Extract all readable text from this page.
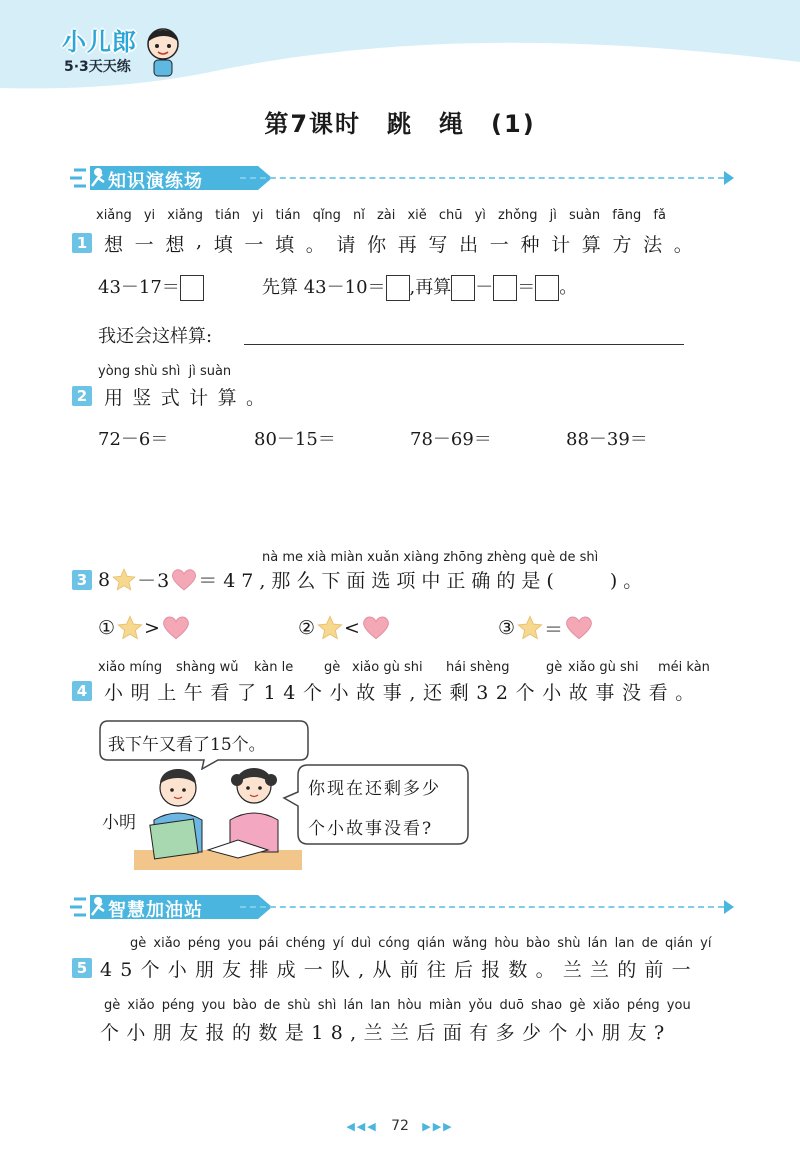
小儿郎
5·3天天练
第7课时　跳　绳　(1)
知识演练场
xiǎng yi xiǎng tián yi tián qǐng nǐ zài xiě chū yì zhǒng jì suàn fāng fǎ
1 想 一 想 , 填 一 填 。 请 你 再 写 出 一 种 计 算 方 法 。
43－17＝	先算 43－10＝ ,再算 － ＝ 。
我还会这样算:
yòng shù shì jì suàn
2 用 竖 式 计 算 。
72－6＝	80－15＝	78－69＝	88－39＝
nà me xià miàn xuǎn xiàng zhōng zhèng què de shì
3 8 －3 ＝47,那么下面选项中正确的是(　　)。
① >	② <	③ ＝
xiǎo míng shàng wǔ kàn le gè xiǎo gù shi hái shèng	gè xiǎo gù shi méi kàn
4 小明上午看了14个小故事,还剩32个小故事没看。
我下午又看了15个。
小明
你现在还剩多少
个小故事没看?
智慧加油站
gè xiǎo péng you pái chéng yí duì cóng qián wǎng hòu bào shù lán lan de qián yí
5 45个小朋友排成一队,从前往后报数。兰兰的前一
gè xiǎo péng you bào de shù shì lán lan hòu miàn yǒu duō shao gè xiǎo péng you
个小朋友报的数是18,兰兰后面有多少个小朋友?
◀◀◀ 72 ▶▶▶
